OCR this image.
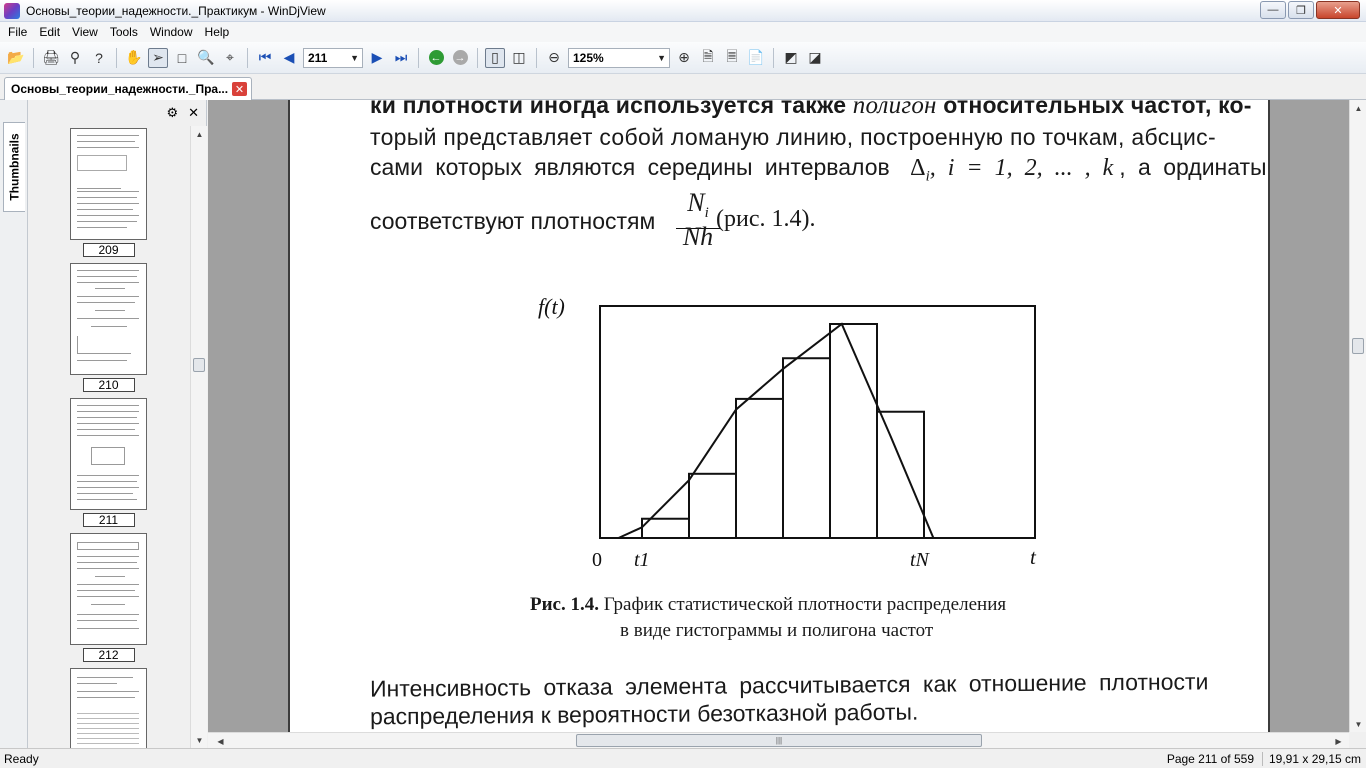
Основы_теории_надежности._Практикум - WinDjView	—	❐	✕
File	Edit	View	Tools	Window	Help
📂 🖨 ⚲	?	✋ ➢ □ 🔍 ⌖	⏮ ◀	211	▼ ▶ ⏭	← →	▯ ◫ ⊖	125%	▼ ⊕ 🗎 🗏 📄 ◩ ◪
Основы_теории_надежности._Пра... ✕
Thumbnails
⚙ ✕
209
210
211
212
▲
▼
ки плотности иногда используется также полигон относительных частот, ко-
торый представляет собой ломаную линию, построенную по точкам, абсцис-
сами которых являются середины интервалов $\Delta_i$, i = 1, 2, ... , k , а ординаты
соответствуют плотностям
$N_i$
Nh
(рис. 1.4).
f(t)
0 t1	tN	t
Рис. 1.4. График статистической плотности распределения
в виде гистограммы и полигона частот
Интенсивность отказа элемента рассчитывается как отношение плотности
распределения к вероятности безотказной работы.
▲
▼
◀	|||	▶
Ready	Page 211 of 559	19,91 x 29,15 cm
